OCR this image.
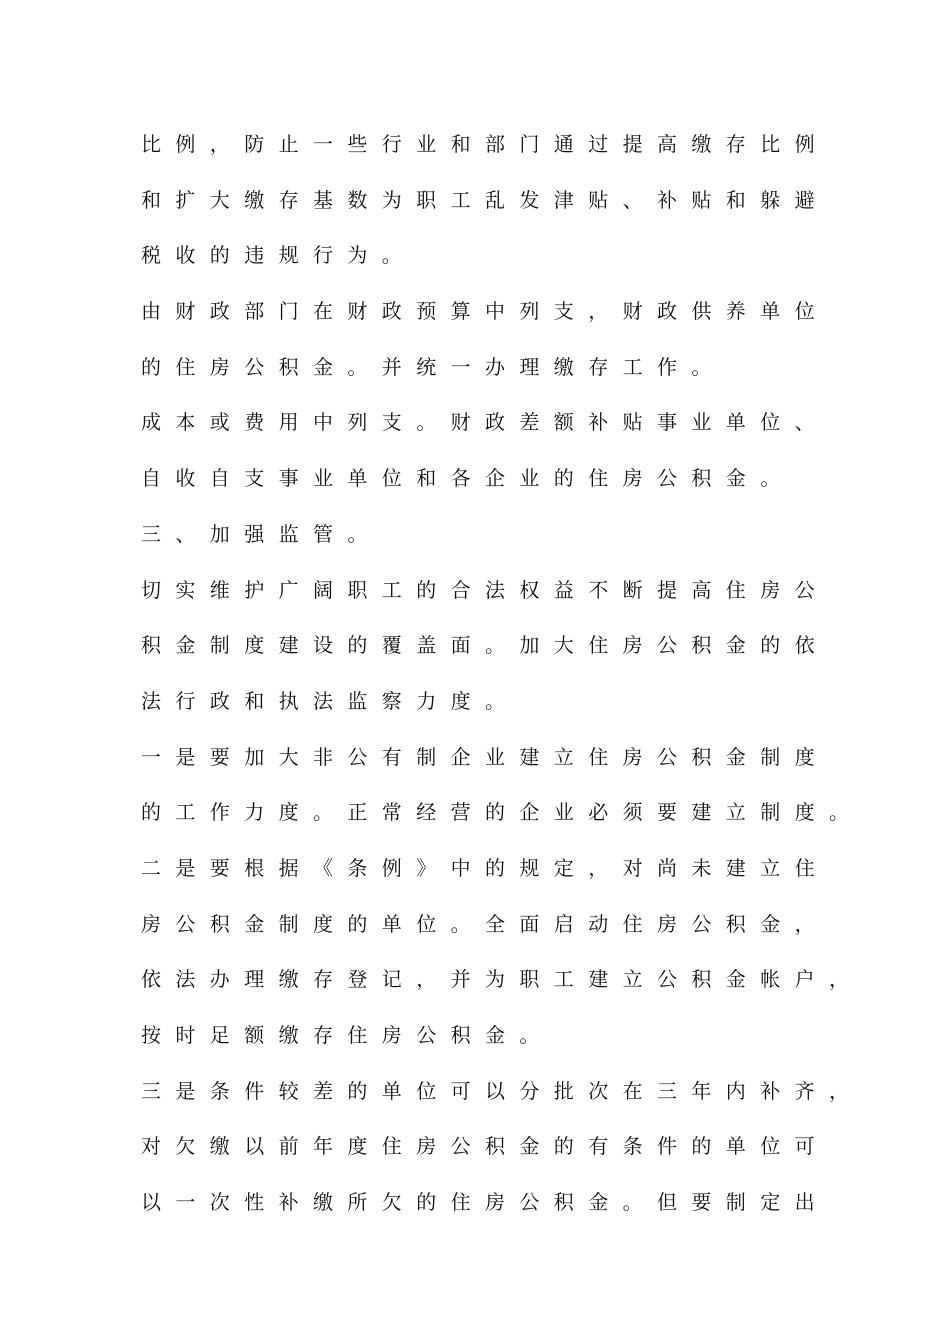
比例，防止一些行业和部门通过提高缴存比例
和扩大缴存基数为职工乱发津贴、补贴和躲避
税收的违规行为。
由财政部门在财政预算中列支，财政供养单位
的住房公积金。并统一办理缴存工作。
成本或费用中列支。财政差额补贴事业单位、
自收自支事业单位和各企业的住房公积金。
三、加强监管。
切实维护广阔职工的合法权益不断提高住房公
积金制度建设的覆盖面。加大住房公积金的依
法行政和执法监察力度。
一是要加大非公有制企业建立住房公积金制度
的工作力度。正常经营的企业必须要建立制度。
二是要根据《条例》中的规定，对尚未建立住
房公积金制度的单位。全面启动住房公积金，
依法办理缴存登记，并为职工建立公积金帐户，
按时足额缴存住房公积金。
三是条件较差的单位可以分批次在三年内补齐，
对欠缴以前年度住房公积金的有条件的单位可
以一次性补缴所欠的住房公积金。但要制定出
